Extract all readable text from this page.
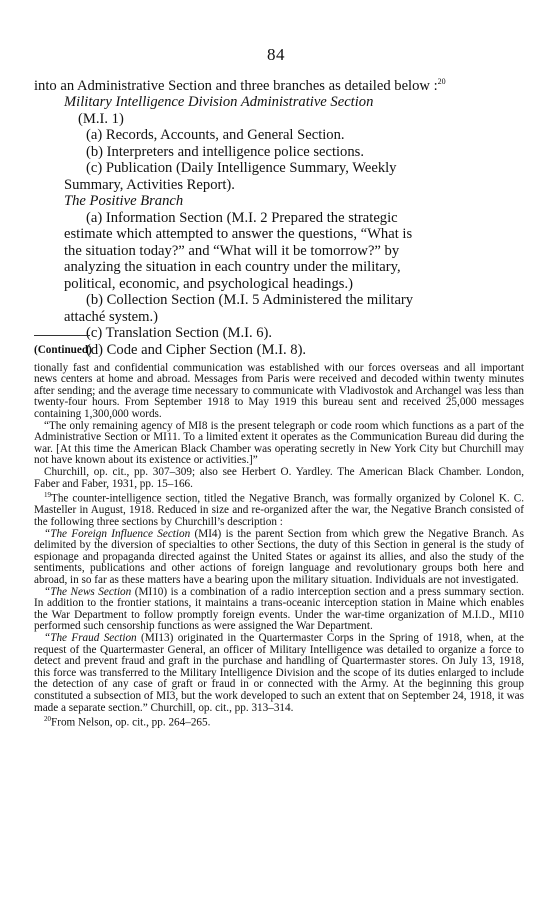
84

into an Administrative Section and three branches as detailed below :$^{20}$

Military Intelligence Division Administrative Section
(M.I. 1)

(a) Records, Accounts, and General Section.

(b) Interpreters and intelligence police sections.

(c) Publication (Daily Intelligence Summary, Weekly

Summary, Activities Report).

The Positive Branch

(a) Information Section (M.I. 2 Prepared the strategic

estimate which attempted to answer the questions, “What is

the situation today?” and “What will it be tomorrow?” by

analyzing the situation in each country under the military,

political, economic, and psychological headings.)

(b) Collection Section (M.I. 5 Administered the military

attaché system.)

(c) Translation Section (M.I. 6).

(d) Code and Cipher Section (M.I. 8).

(Continued)

tionally fast and confidential communication was established with our forces overseas and all important news centers at home and abroad. Messages from Paris were received and decoded within twenty minutes after sending; and the average time necessary to communicate with Vladivostok and Archangel was less than twenty-four hours. From September 1918 to May 1919 this bureau sent and received 25,000 messages containing 1,300,000 words.

“The only remaining agency of MI8 is the present telegraph or code room which functions as a part of the Administrative Section or MI11. To a limited extent it operates as the Communication Bureau did during the war. [At this time the American Black Chamber was operating secretly in New York City but Churchill may not have known about its existence or activities.]”

Churchill, op. cit., pp. 307–309; also see Herbert O. Yardley. The American Black Chamber. London, Faber and Faber, 1931, pp. 15–166.

$^{19}$The counter-intelligence section, titled the Negative Branch, was formally organized by Colonel K. C. Masteller in August, 1918. Reduced in size and re-organized after the war, the Negative Branch consisted of the following three sections by Churchill’s description :

“The Foreign Influence Section (MI4) is the parent Section from which grew the Negative Branch. As delimited by the diversion of specialties to other Sections, the duty of this Section in general is the study of espionage and propaganda directed against the United States or against its allies, and also the study of the sentiments, publications and other actions of foreign language and revolutionary groups both here and abroad, in so far as these matters have a bearing upon the military situation. Individuals are not investigated.

“The News Section (MI10) is a combination of a radio interception section and a press summary section. In addition to the frontier stations, it maintains a trans-oceanic interception station in Maine which enables the War Department to follow promptly foreign events. Under the war-time organization of M.I.D., MI10 performed such censorship functions as were assigned the War Department.

“The Fraud Section (MI13) originated in the Quartermaster Corps in the Spring of 1918, when, at the request of the Quartermaster General, an officer of Military Intelligence was detailed to organize a force to detect and prevent fraud and graft in the purchase and handling of Quartermaster stores. On July 13, 1918, this force was transferred to the Military Intelligence Division and the scope of its duties enlarged to include the detection of any case of graft or fraud in or connected with the Army. At the beginning this group constituted a subsection of MI3, but the work developed to such an extent that on September 24, 1918, it was made a separate section.” Churchill, op. cit., pp. 313–314.

$^{20}$From Nelson, op. cit., pp. 264–265.
